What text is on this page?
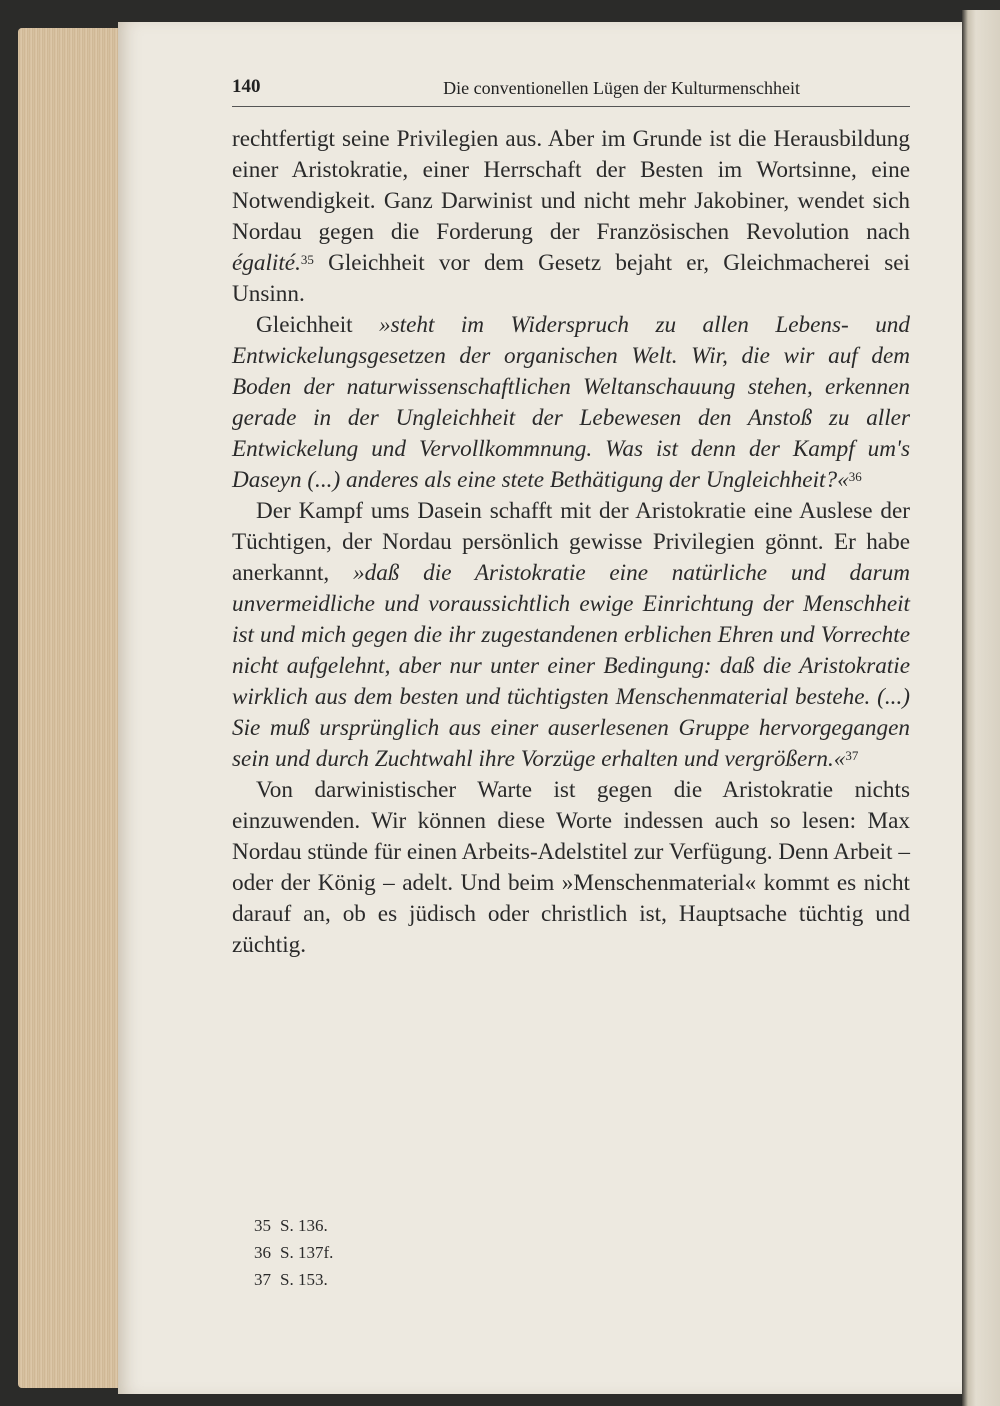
140	Die conventionellen Lügen der Kulturmenschheit

rechtfertigt seine Privilegien aus. Aber im Grunde ist die Herausbildung einer Aristokratie, einer Herrschaft der Besten im Wortsinne, eine Notwendigkeit. Ganz Darwinist und nicht mehr Jakobiner, wendet sich Nordau gegen die Forderung der Französischen Revolution nach égalité.$^{35}$ Gleichheit vor dem Gesetz bejaht er, Gleichmacherei sei Unsinn.

Gleichheit »steht im Widerspruch zu allen Lebens- und Entwickelungsgesetzen der organischen Welt. Wir, die wir auf dem Boden der naturwissenschaftlichen Weltanschauung stehen, erkennen gerade in der Ungleichheit der Lebewesen den Anstoß zu aller Entwickelung und Vervollkommnung. Was ist denn der Kampf um's Daseyn (...) anderes als eine stete Bethätigung der Ungleichheit?«$^{36}$

Der Kampf ums Dasein schafft mit der Aristokratie eine Auslese der Tüchtigen, der Nordau persönlich gewisse Privilegien gönnt. Er habe anerkannt, »daß die Aristokratie eine natürliche und darum unvermeidliche und voraussichtlich ewige Einrichtung der Menschheit ist und mich gegen die ihr zugestandenen erblichen Ehren und Vorrechte nicht aufgelehnt, aber nur unter einer Bedingung: daß die Aristokratie wirklich aus dem besten und tüchtigsten Menschenmaterial bestehe. (...) Sie muß ursprünglich aus einer auserlesenen Gruppe hervorgegangen sein und durch Zuchtwahl ihre Vorzüge erhalten und vergrößern.«$^{37}$

Von darwinistischer Warte ist gegen die Aristokratie nichts einzuwenden. Wir können diese Worte indessen auch so lesen: Max Nordau stünde für einen Arbeits-Adelstitel zur Verfügung. Denn Arbeit – oder der König – adelt. Und beim »Menschenmaterial« kommt es nicht darauf an, ob es jüdisch oder christlich ist, Hauptsache tüchtig und züchtig.

35 S. 136.
36 S. 137f.
37 S. 153.
